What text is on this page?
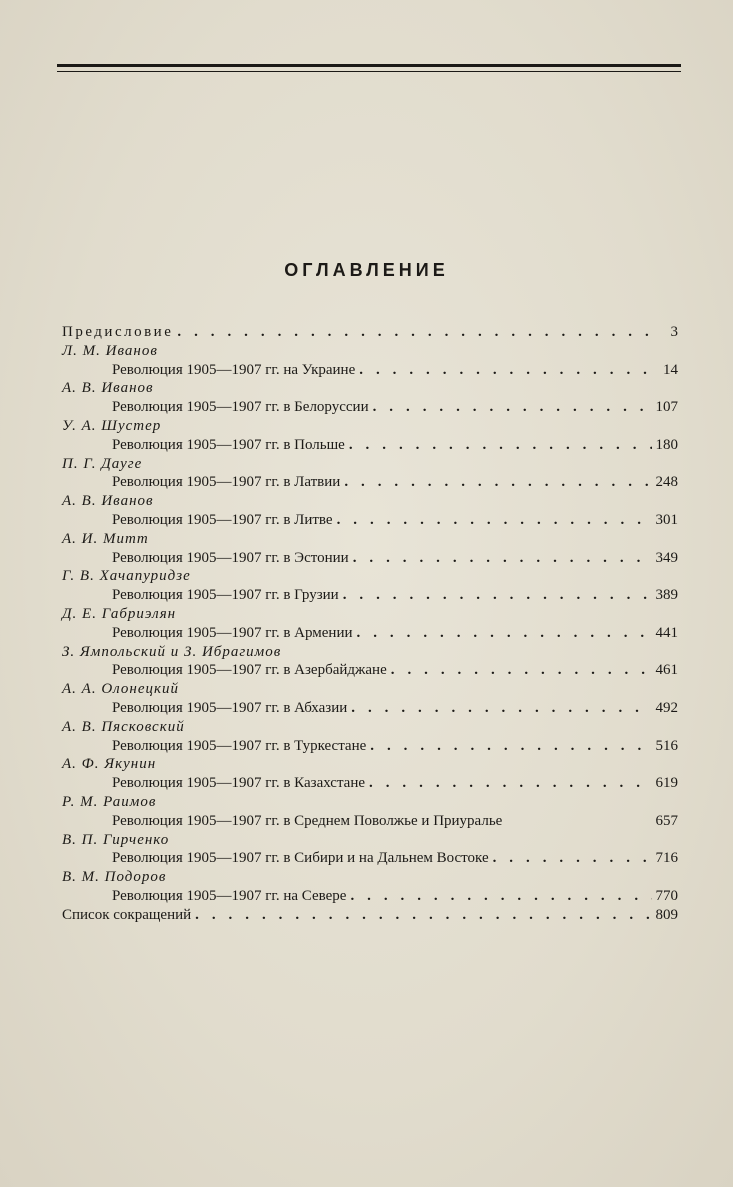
ОГЛАВЛЕНИЕ
Предисловие . . .	3
Л. М. Иванов
Революция 1905—1907 гг. на Украине . . .	14
А. В. Иванов
Революция 1905—1907 гг. в Белоруссии . . .	107
У. А. Шустер
Революция 1905—1907 гг. в Польше . . .	180
П. Г. Дауге
Революция 1905—1907 гг. в Латвии . . .	248
А. В. Иванов
Революция 1905—1907 гг. в Литве . . .	301
А. И. Митт
Революция 1905—1907 гг. в Эстонии . . .	349
Г. В. Хачапуридзе
Революция 1905—1907 гг. в Грузии . . .	389
Д. Е. Габриэлян
Революция 1905—1907 гг. в Армении . . .	441
З. Ямпольский и З. Ибрагимов
Революция 1905—1907 гг. в Азербайджане . . .	461
А. А. Олонецкий
Революция 1905—1907 гг. в Абхазии . . .	492
А. В. Пясковский
Революция 1905—1907 гг. в Туркестане . . .	516
А. Ф. Якунин
Революция 1905—1907 гг. в Казахстане . . .	619
Р. М. Раимов
Революция 1905—1907 гг. в Среднем Поволжье и Приуралье	657
В. П. Гирченко
Революция 1905—1907 гг. в Сибири и на Дальнем Востоке . . .	716
В. М. Подоров
Революция 1905—1907 гг. на Севере . . .	770
Список сокращений . . .	809
